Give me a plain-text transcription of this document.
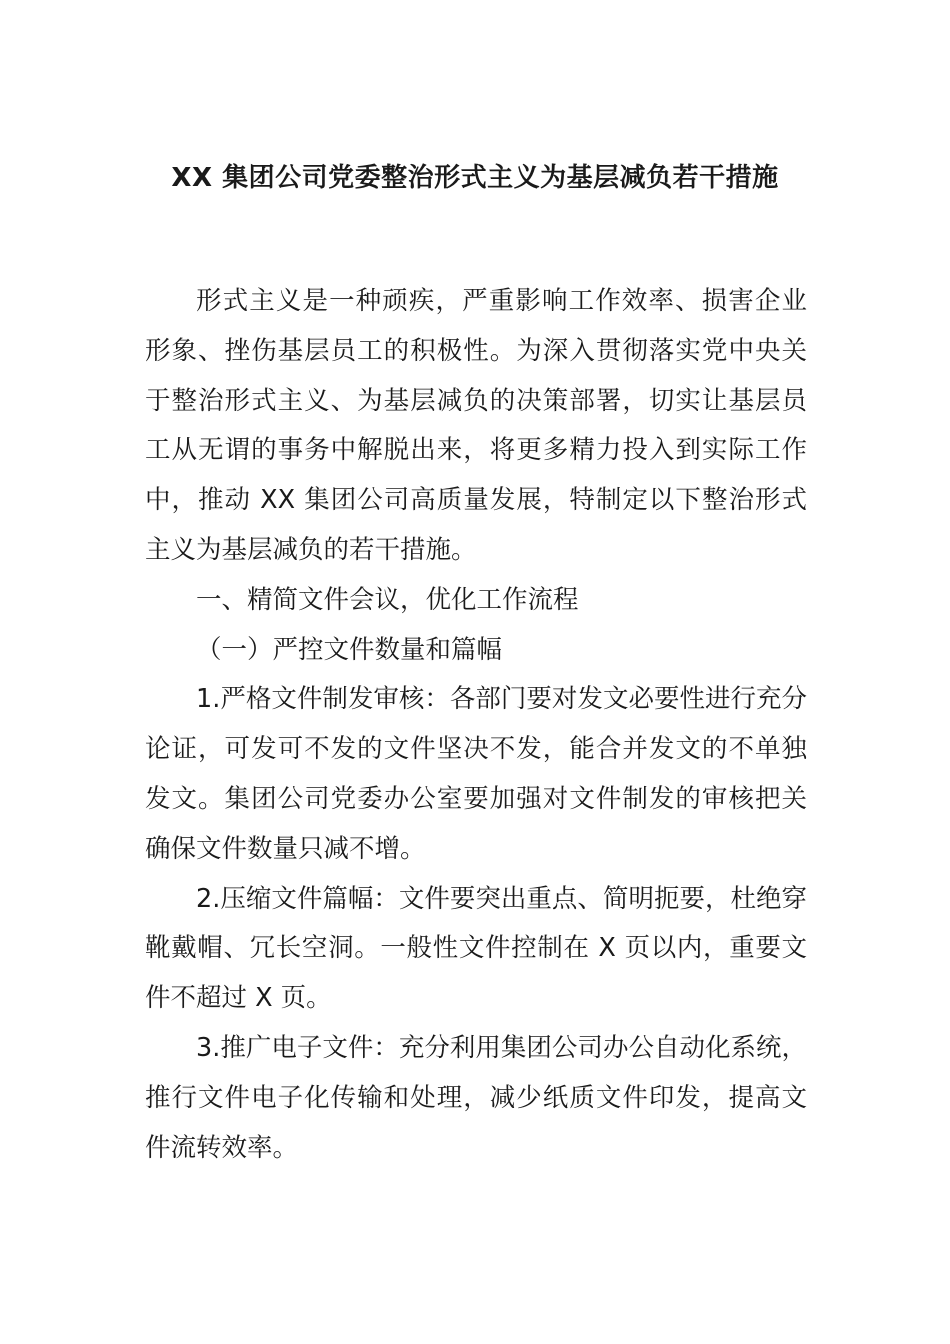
XX 集团公司党委整治形式主义为基层减负若干措施

形式主义是一种顽疾，严重影响工作效率、损害企业形象、挫伤基层员工的积极性。为深入贯彻落实党中央关于整治形式主义、为基层减负的决策部署，切实让基层员工从无谓的事务中解脱出来，将更多精力投入到实际工作中，推动 XX 集团公司高质量发展，特制定以下整治形式主义为基层减负的若干措施。

一、精简文件会议，优化工作流程

（一）严控文件数量和篇幅

1.严格文件制发审核：各部门要对发文必要性进行充分论证，可发可不发的文件坚决不发，能合并发文的不单独发文。集团公司党委办公室要加强对文件制发的审核把关确保文件数量只减不增。

2.压缩文件篇幅：文件要突出重点、简明扼要，杜绝穿靴戴帽、冗长空洞。一般性文件控制在 X 页以内，重要文件不超过 X 页。

3.推广电子文件：充分利用集团公司办公自动化系统，推行文件电子化传输和处理，减少纸质文件印发，提高文件流转效率。
